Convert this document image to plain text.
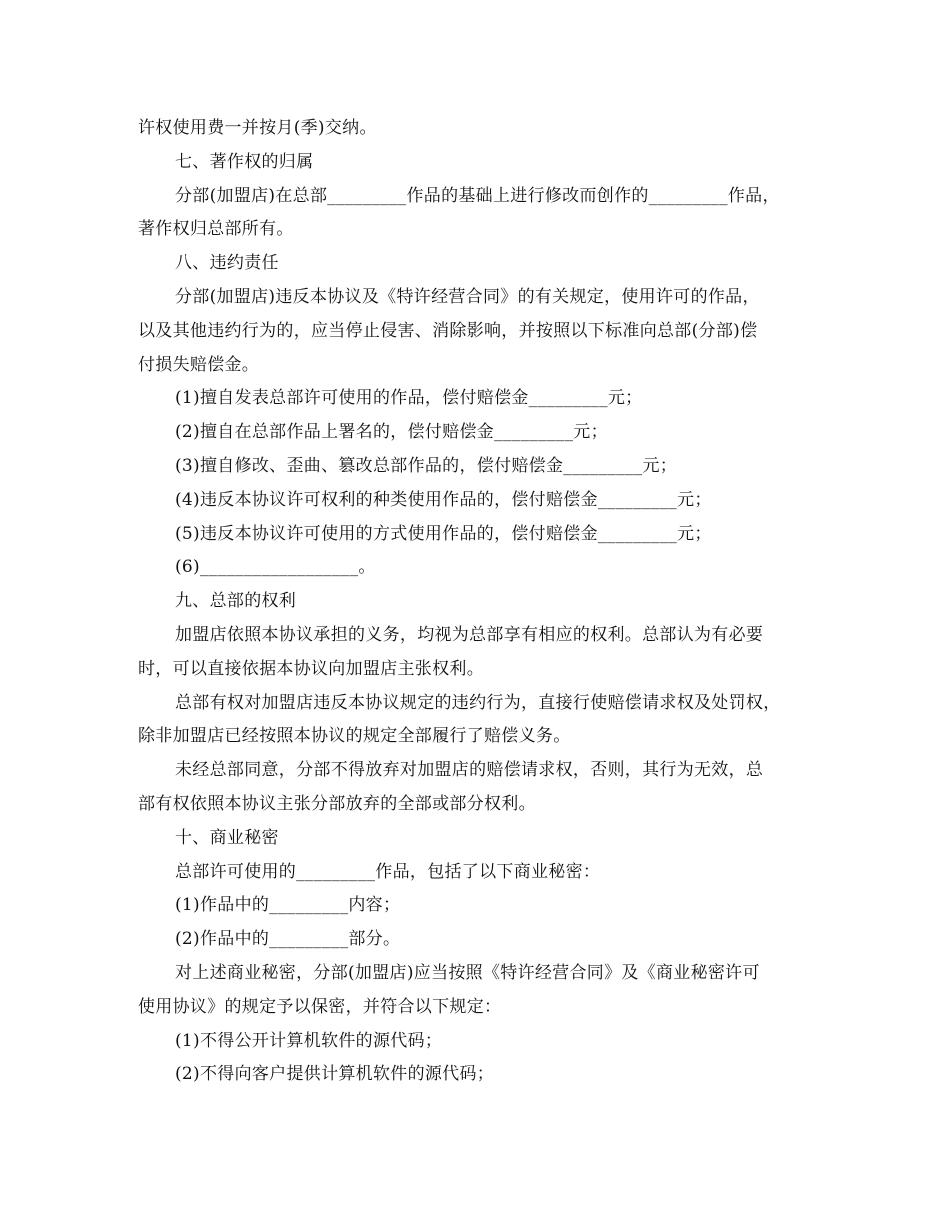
许权使用费一并按月(季)交纳。
七、著作权的归属
分部(加盟店)在总部_________作品的基础上进行修改而创作的_________作品，
著作权归总部所有。
八、违约责任
分部(加盟店)违反本协议及《特许经营合同》的有关规定，使用许可的作品，
以及其他违约行为的，应当停止侵害、消除影响，并按照以下标准向总部(分部)偿
付损失赔偿金。
(1)擅自发表总部许可使用的作品，偿付赔偿金_________元；
(2)擅自在总部作品上署名的，偿付赔偿金_________元；
(3)擅自修改、歪曲、篡改总部作品的，偿付赔偿金_________元；
(4)违反本协议许可权利的种类使用作品的，偿付赔偿金_________元；
(5)违反本协议许可使用的方式使用作品的，偿付赔偿金_________元；
(6)__________________。
九、总部的权利
加盟店依照本协议承担的义务，均视为总部享有相应的权利。总部认为有必要
时，可以直接依据本协议向加盟店主张权利。
总部有权对加盟店违反本协议规定的违约行为，直接行使赔偿请求权及处罚权，
除非加盟店已经按照本协议的规定全部履行了赔偿义务。
未经总部同意，分部不得放弃对加盟店的赔偿请求权，否则，其行为无效，总
部有权依照本协议主张分部放弃的全部或部分权利。
十、商业秘密
总部许可使用的_________作品，包括了以下商业秘密：
(1)作品中的_________内容；
(2)作品中的_________部分。
对上述商业秘密，分部(加盟店)应当按照《特许经营合同》及《商业秘密许可
使用协议》的规定予以保密，并符合以下规定：
(1)不得公开计算机软件的源代码；
(2)不得向客户提供计算机软件的源代码；
